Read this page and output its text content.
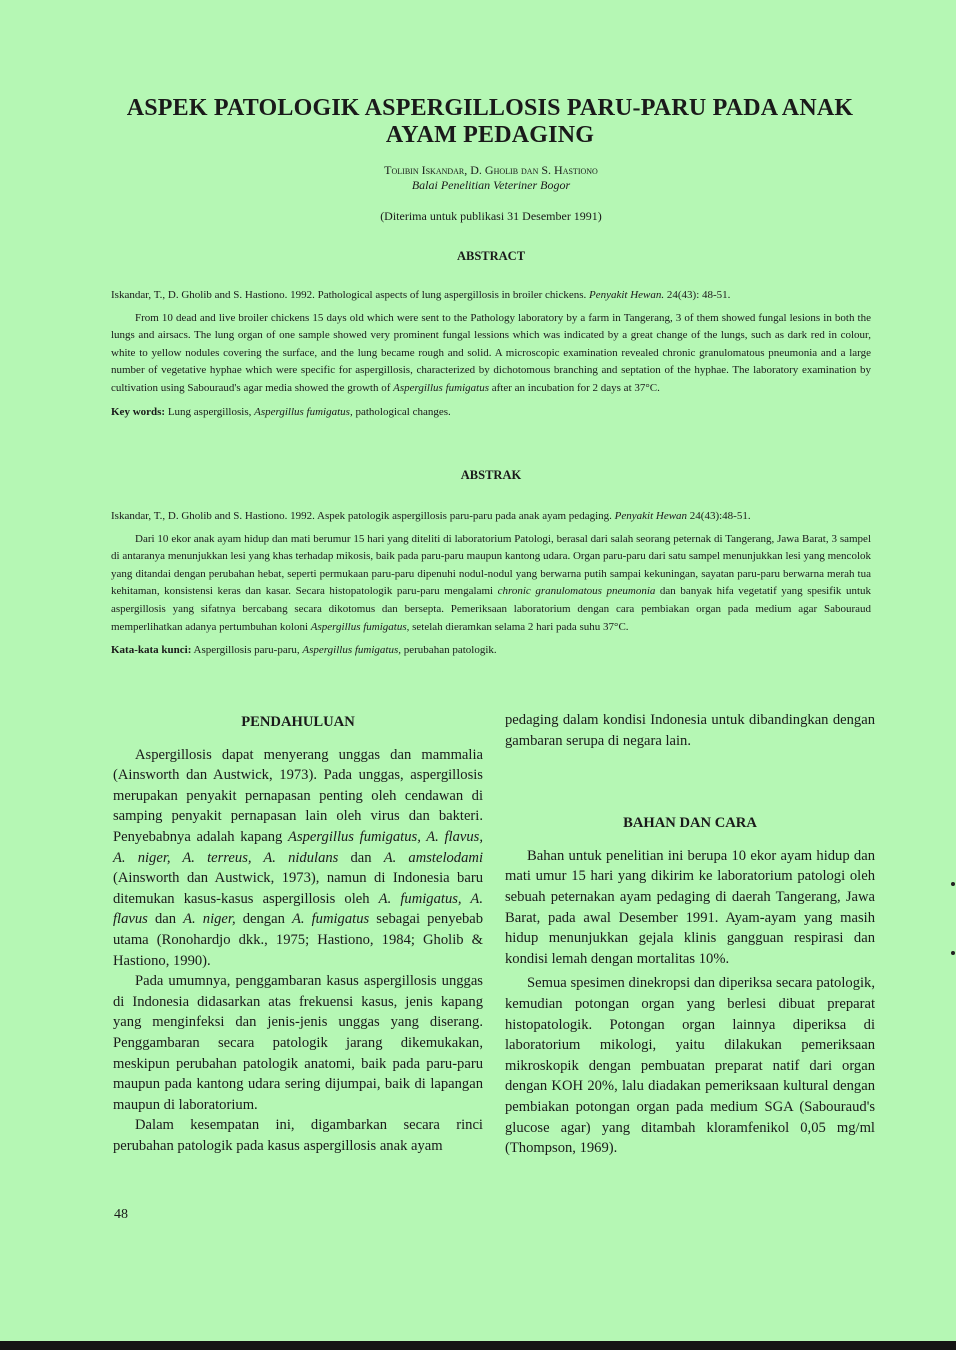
ASPEK PATOLOGIK ASPERGILLOSIS PARU-PARU PADA ANAK AYAM PEDAGING
Tolibin Iskandar, D. Gholib dan S. Hastiono
Balai Penelitian Veteriner Bogor
(Diterima untuk publikasi 31 Desember 1991)
ABSTRACT

Iskandar, T., D. Gholib and S. Hastiono. 1992. Pathological aspects of lung aspergillosis in broiler chickens. Penyakit Hewan. 24(43): 48-51.

From 10 dead and live broiler chickens 15 days old which were sent to the Pathology laboratory by a farm in Tangerang, 3 of them showed fungal lesions in both the lungs and airsacs. The lung organ of one sample showed very prominent fungal lessions which was indicated by a great change of the lungs, such as dark red in colour, white to yellow nodules covering the surface, and the lung became rough and solid. A microscopic examination revealed chronic granulomatous pneumonia and a large number of vegetative hyphae which were specific for aspergillosis, characterized by dichotomous branching and septation of the hyphae. The laboratory examination by cultivation using Sabouraud's agar media showed the growth of Aspergillus fumigatus after an incubation for 2 days at 37°C.

Key words: Lung aspergillosis, Aspergillus fumigatus, pathological changes.

ABSTRAK

Iskandar, T., D. Gholib and S. Hastiono. 1992. Aspek patologik aspergillosis paru-paru pada anak ayam pedaging. Penyakit Hewan 24(43):48-51.

Dari 10 ekor anak ayam hidup dan mati berumur 15 hari yang diteliti di laboratorium Patologi, berasal dari salah seorang peternak di Tangerang, Jawa Barat, 3 sampel di antaranya menunjukkan lesi yang khas terhadap mikosis, baik pada paru-paru maupun kantong udara. Organ paru-paru dari satu sampel menunjukkan lesi yang mencolok yang ditandai dengan perubahan hebat, seperti permukaan paru-paru dipenuhi nodul-nodul yang berwarna putih sampai kekuningan, sayatan paru-paru berwarna merah tua kehitaman, konsistensi keras dan kasar. Secara histopatologik paru-paru mengalami chronic granulomatous pneumonia dan banyak hifa vegetatif yang spesifik untuk aspergillosis yang sifatnya bercabang secara dikotomus dan bersepta. Pemeriksaan laboratorium dengan cara pembiakan organ pada medium agar Sabouraud memperlihatkan adanya pertumbuhan koloni Aspergillus fumigatus, setelah dieramkan selama 2 hari pada suhu 37°C.

Kata-kata kunci: Aspergillosis paru-paru, Aspergillus fumigatus, perubahan patologik.

PENDAHULUAN

Aspergillosis dapat menyerang unggas dan mammalia (Ainsworth dan Austwick, 1973). Pada unggas, aspergillosis merupakan penyakit pernapasan penting oleh cendawan di samping penyakit pernapasan lain oleh virus dan bakteri. Penyebabnya adalah kapang Aspergillus fumigatus, A. flavus, A. niger, A. terreus, A. nidulans dan A. amstelodami (Ainsworth dan Austwick, 1973), namun di Indonesia baru ditemukan kasus-kasus aspergillosis oleh A. fumigatus, A. flavus dan A. niger, dengan A. fumigatus sebagai penyebab utama (Ronohardjo dkk., 1975; Hastiono, 1984; Gholib & Hastiono, 1990).

Pada umumnya, penggambaran kasus aspergillosis unggas di Indonesia didasarkan atas frekuensi kasus, jenis kapang yang menginfeksi dan jenis-jenis unggas yang diserang. Penggambaran secara patologik jarang dikemukakan, meskipun perubahan patologik anatomi, baik pada paru-paru maupun pada kantong udara sering dijumpai, baik di lapangan maupun di laboratorium.

Dalam kesempatan ini, digambarkan secara rinci perubahan patologik pada kasus aspergillosis anak ayam

pedaging dalam kondisi Indonesia untuk dibandingkan dengan gambaran serupa di negara lain.

BAHAN DAN CARA

Bahan untuk penelitian ini berupa 10 ekor ayam hidup dan mati umur 15 hari yang dikirim ke laboratorium patologi oleh sebuah peternakan ayam pedaging di daerah Tangerang, Jawa Barat, pada awal Desember 1991. Ayam-ayam yang masih hidup menunjukkan gejala klinis gangguan respirasi dan kondisi lemah dengan mortalitas 10%.

Semua spesimen dinekropsi dan diperiksa secara patologik, kemudian potongan organ yang berlesi dibuat preparat histopatologik. Potongan organ lainnya diperiksa di laboratorium mikologi, yaitu dilakukan pemeriksaan mikroskopik dengan pembuatan preparat natif dari organ dengan KOH 20%, lalu diadakan pemeriksaan kultural dengan pembiakan potongan organ pada medium SGA (Sabouraud's glucose agar) yang ditambah kloramfenikol 0,05 mg/ml (Thompson, 1969).

48
